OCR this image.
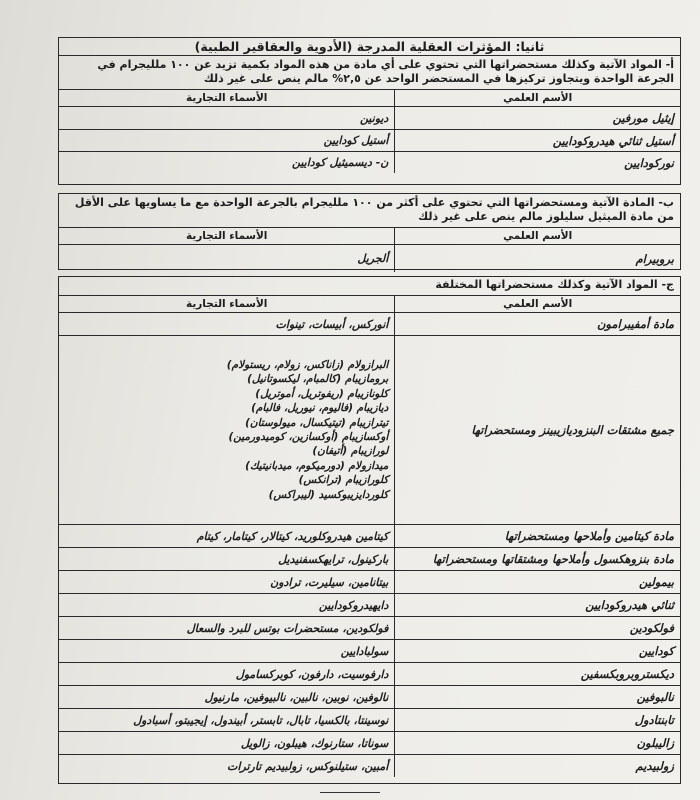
ثانيا: المؤثرات العقلية المدرجة (الأدوية والعقاقير الطبية)
أ- المواد الآتية وكذلك مستحضراتها التي تحتوي على أي مادة من هذه المواد بكمية تزيد عن ١٠٠ ملليجرام في الجرعة الواحدة ويتجاوز تركيزها في المستحضر الواحد عن ٢,٥% مالم ينص على غير ذلك
الأسم العلمي
الأسماء التجارية
إيثيل مورفين
ديونين
أستيل ثنائي هيدروكودايين
أستيل كودايين
نوركودايين
ن- ديسميثيل كودايين
ب- المادة الآتية ومستحضراتها التي تحتوي على أكثر من ١٠٠ ملليجرام بالجرعة الواحدة مع ما يساويها على الأقل من مادة الميثيل سليلوز مالم ينص على غير ذلك
الأسم العلمي
الأسماء التجارية
بروبيرام
ألجريل
ج- المواد الآتية وكذلك مستحضراتها المختلفة
الأسم العلمي
الأسماء التجارية
مادة أمفيبرامون
أنوركس، أبيسات، تينوات
جميع مشتقات البنزوديازيبينز ومستحضراتها
البرازولام (زاناكس، زولام، ريستولام)
برومازيبام (كالمبام، ليكسوتانيل)
كلونازيبام (ريفوتريل، أموتريل)
ديازيبام (فاليوم، نيوريل، فالبام)
تيترازيبام (تيتيكسال، ميولوستان)
أوكسازيبام (أوكسازين، كوميدورمين)
لورازيبام (أتيفان)
ميدازولام (دورميكوم، ميدبانيتيك)
كلورازيبام (ترانكس)
كلوردايزيبوكسيد (ليبراكس)
مادة كيتامين وأملاحها ومستحضراتها
كيتامين هيدروكلوريد، كيتالار، كيتامار، كيتام
مادة بنزوهكسول وأملاحها ومشتقاتها ومستحضراتها
باركينول، ترايهكسفنيديل
بيمولين
بيتانامين، سيليرت، ترادون
ثنائي هيدروكودايين
دايهيدروكودايين
فولكودين
فولكودين، مستحضرات بوتس للبرد والسعال
كودايين
سولبادايين
ديكستروبروبكسفين
دارفوسيت، دارفون، كوبركسامول
نالبوفين
نالوفين، نوبين، نالبين، نالبيوفين، مارنيول
تابنتادول
نوسينتا، بالكسيا، تابال، تابستر، أبيندول، إيجيبتو، أسبادول
زاليبلون
سوناتا، ستارنوك، هيبلون، زالويل
زولبيديم
أمبين، ستيلنوكس، زولبيديم تارترات
